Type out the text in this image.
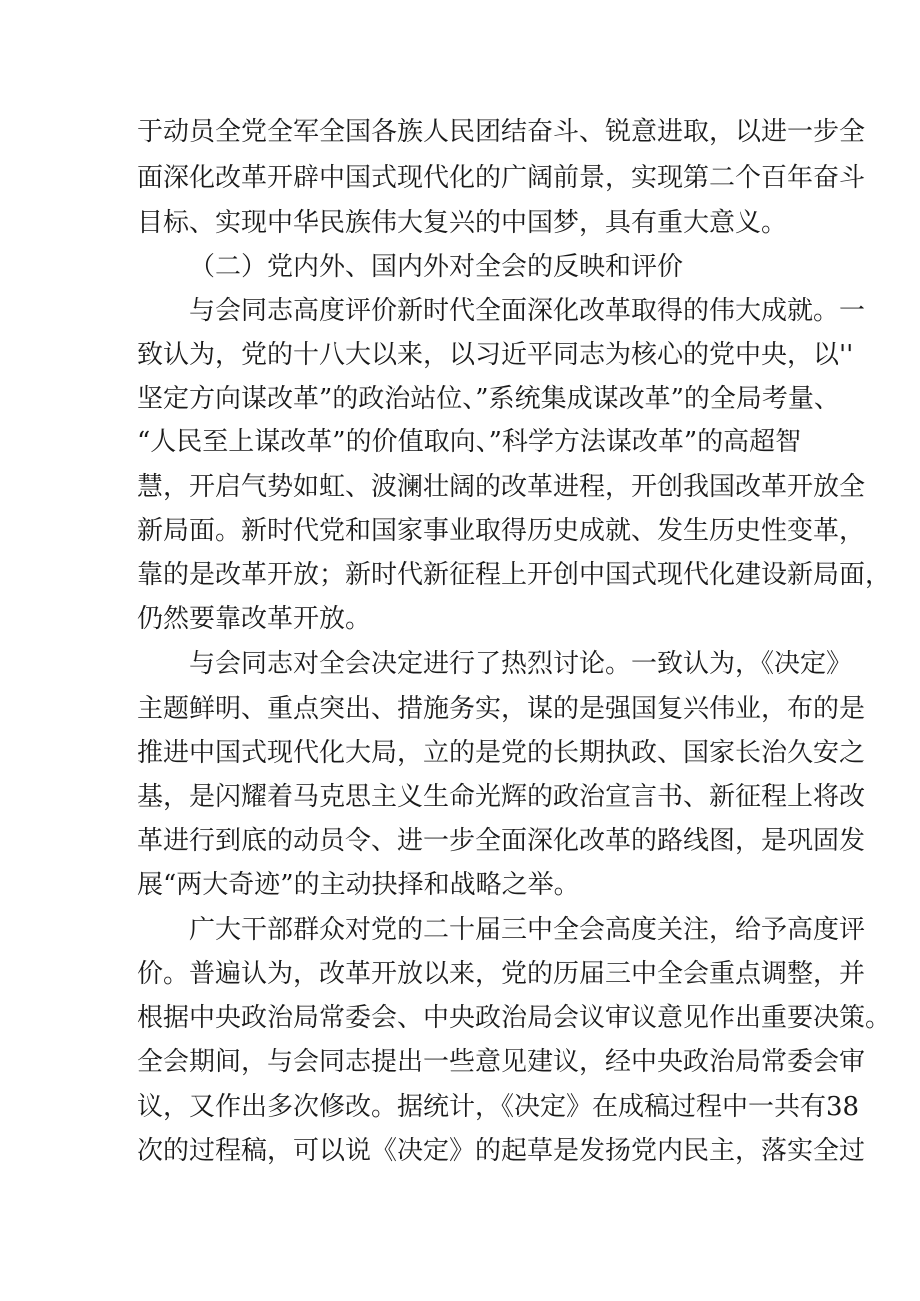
于动员全党全军全国各族人民团结奋斗、锐意进取，以进一步全
面深化改革开辟中国式现代化的广阔前景，实现第二个百年奋斗
目标、实现中华民族伟大复兴的中国梦，具有重大意义。
（二）党内外、国内外对全会的反映和评价
与会同志高度评价新时代全面深化改革取得的伟大成就。一
致认为，党的十八大以来，以习近平同志为核心的党中央，以''
坚定方向谋改革”的政治站位、”系统集成谋改革”的全局考量、
“人民至上谋改革”的价值取向、”科学方法谋改革”的高超智
慧，开启气势如虹、波澜壮阔的改革进程，开创我国改革开放全
新局面。新时代党和国家事业取得历史成就、发生历史性变革，
靠的是改革开放；新时代新征程上开创中国式现代化建设新局面，
仍然要靠改革开放。
与会同志对全会决定进行了热烈讨论。一致认为，《决定》
主题鲜明、重点突出、措施务实，谋的是强国复兴伟业，布的是
推进中国式现代化大局，立的是党的长期执政、国家长治久安之
基，是闪耀着马克思主义生命光辉的政治宣言书、新征程上将改
革进行到底的动员令、进一步全面深化改革的路线图，是巩固发
展“两大奇迹”的主动抉择和战略之举。
广大干部群众对党的二十届三中全会高度关注，给予高度评
价。普遍认为，改革开放以来，党的历届三中全会重点调整，并
根据中央政治局常委会、中央政治局会议审议意见作出重要决策。
全会期间，与会同志提出一些意见建议，经中央政治局常委会审
议，又作出多次修改。据统计，《决定》在成稿过程中一共有38
次的过程稿，可以说《决定》的起草是发扬党内民主，落实全过
